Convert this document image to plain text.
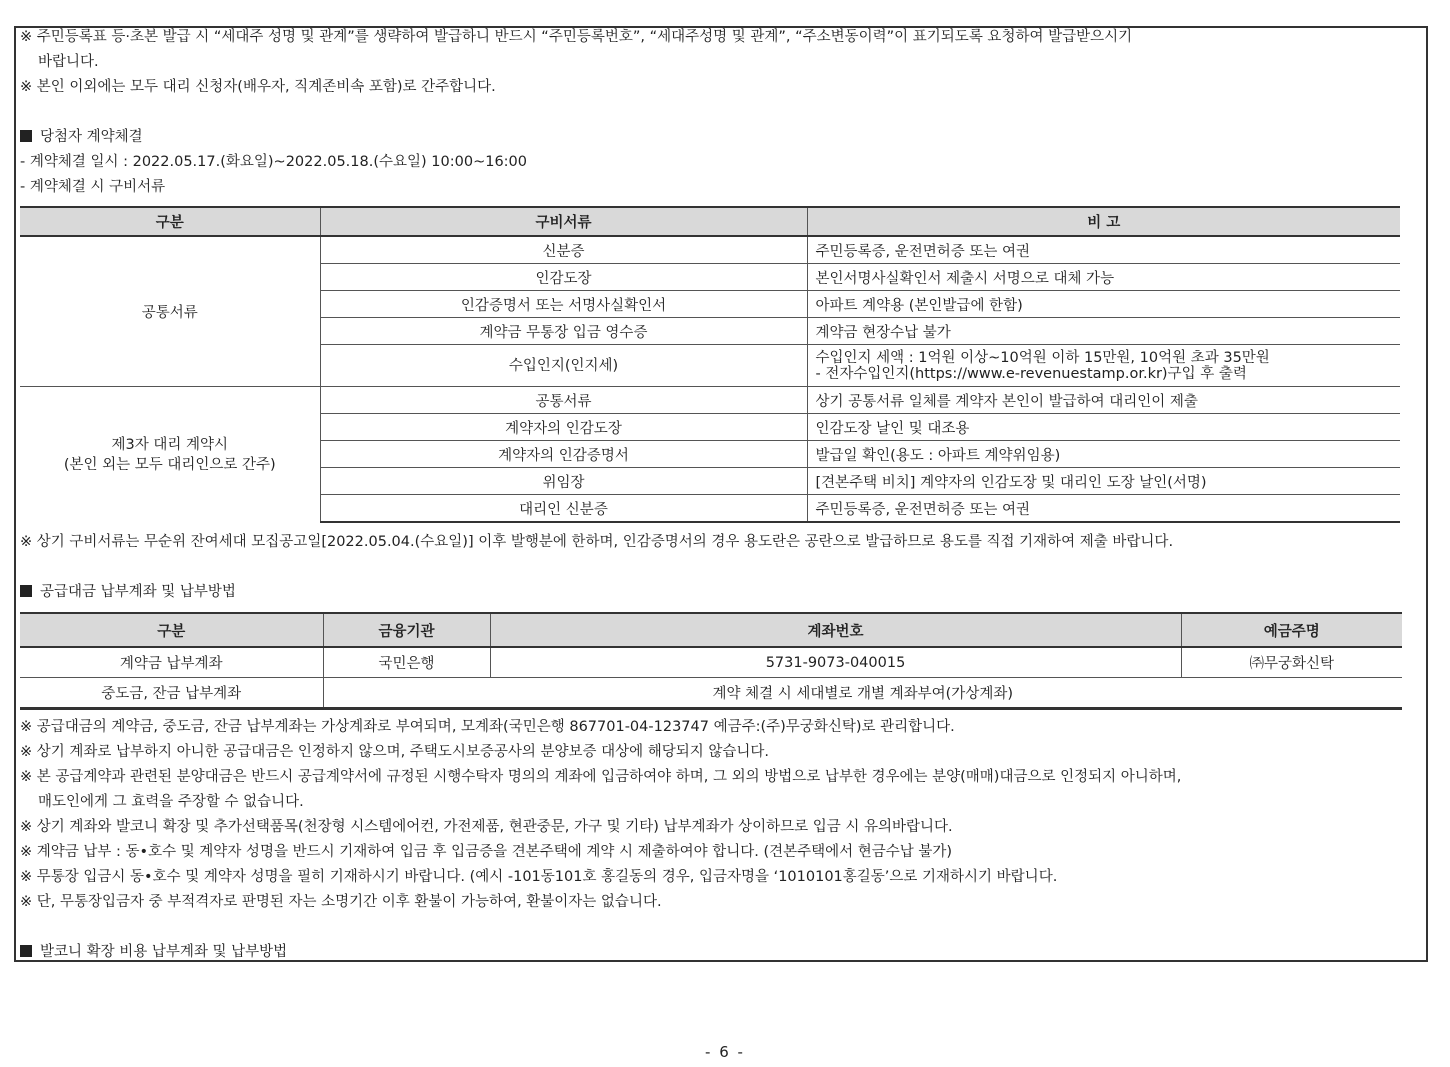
※ 주민등록표 등·초본 발급 시 “세대주 성명 및 관계”를 생략하여 발급하니 반드시 “주민등록번호”, “세대주성명 및 관계”, “주소변동이력”이 표기되도록 요청하여 발급받으시기
바랍니다.
※ 본인 이외에는 모두 대리 신청자(배우자, 직계존비속 포함)로 간주합니다.
당첨자 계약체결
- 계약체결 일시 : 2022.05.17.(화요일)~2022.05.18.(수요일) 10:00~16:00
- 계약체결 시 구비서류
구분	구비서류	비 고
공통서류	신분증	주민등록증, 운전면허증 또는 여권
	인감도장	본인서명사실확인서 제출시 서명으로 대체 가능
	인감증명서 또는 서명사실확인서	아파트 계약용 (본인발급에 한함)
	계약금 무통장 입금 영수증	계약금 현장수납 불가
	수입인지(인지세)	수입인지 세액 : 1억원 이상~10억원 이하 15만원, 10억원 초과 35만원
- 전자수입인지(https://www.e-revenuestamp.or.kr)구입 후 출력

제3자 대리 계약시
(본인 외는 모두 대리인으로 간주)	공통서류	상기 공통서류 일체를 계약자 본인이 발급하여 대리인이 제출
	계약자의 인감도장	인감도장 날인 및 대조용
	계약자의 인감증명서	발급일 확인(용도 : 아파트 계약위임용)
	위임장	[견본주택 비치] 계약자의 인감도장 및 대리인 도장 날인(서명)
	대리인 신분증	주민등록증, 운전면허증 또는 여권
※ 상기 구비서류는 무순위 잔여세대 모집공고일[2022.05.04.(수요일)] 이후 발행분에 한하며, 인감증명서의 경우 용도란은 공란으로 발급하므로 용도를 직접 기재하여 제출 바랍니다.
공급대금 납부계좌 및 납부방법
구분	금융기관	계좌번호	예금주명
계약금 납부계좌	국민은행	5731-9073-040015	㈜무궁화신탁
중도금, 잔금 납부계좌	계약 체결 시 세대별로 개별 계좌부여(가상계좌)		
※ 공급대금의 계약금, 중도금, 잔금 납부계좌는 가상계좌로 부여되며, 모계좌(국민은행 867701-04-123747 예금주:(주)무궁화신탁)로 관리합니다.
※ 상기 계좌로 납부하지 아니한 공급대금은 인정하지 않으며, 주택도시보증공사의 분양보증 대상에 해당되지 않습니다.
※ 본 공급계약과 관련된 분양대금은 반드시 공급계약서에 규정된 시행수탁자 명의의 계좌에 입금하여야 하며, 그 외의 방법으로 납부한 경우에는 분양(매매)대금으로 인정되지 아니하며,
매도인에게 그 효력을 주장할 수 없습니다.
※ 상기 계좌와 발코니 확장 및 추가선택품목(천장형 시스템에어컨, 가전제품, 현관중문, 가구 및 기타) 납부계좌가 상이하므로 입금 시 유의바랍니다.
※ 계약금 납부 : 동•호수 및 계약자 성명을 반드시 기재하여 입금 후 입금증을 견본주택에 계약 시 제출하여야 합니다. (견본주택에서 현금수납 불가)
※ 무통장 입금시 동•호수 및 계약자 성명을 필히 기재하시기 바랍니다. (예시 -101동101호 홍길동의 경우, 입금자명을 ‘1010101홍길동’으로 기재하시기 바랍니다.
※ 단, 무통장입금자 중 부적격자로 판명된 자는 소명기간 이후 환불이 가능하여, 환불이자는 없습니다.
발코니 확장 비용 납부계좌 및 납부방법
- 6 -
